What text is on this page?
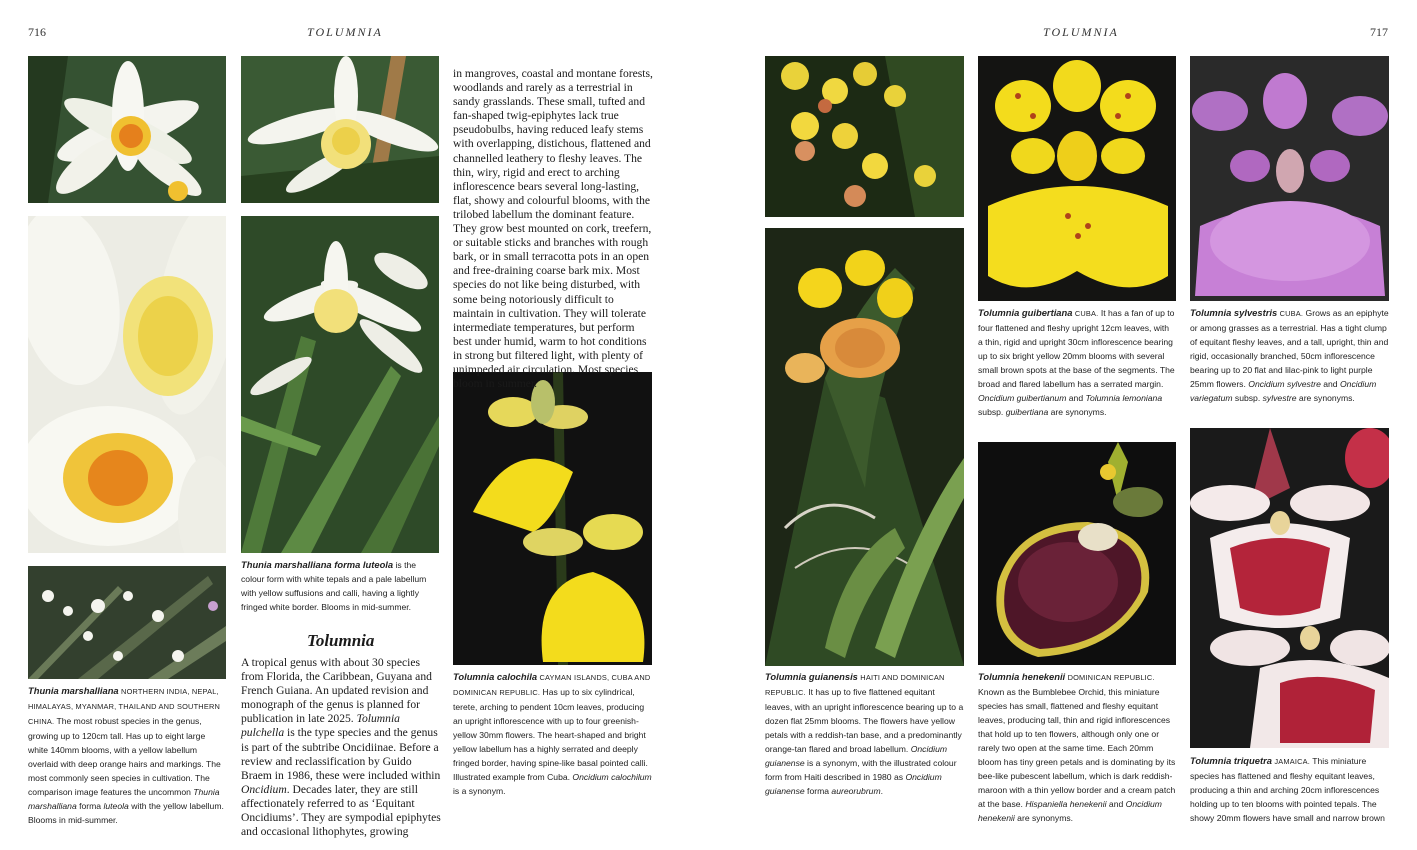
716	TOLUMNIA	TOLUMNIA	717
Thunia marshalliana NORTHERN INDIA, NEPAL, HIMALAYAS, MYANMAR, THAILAND AND SOUTHERN CHINA. The most robust species in the genus, growing up to 120cm tall. Has up to eight large white 140mm blooms, with a yellow labellum overlaid with deep orange hairs and markings. The most commonly seen species in cultivation. The comparison image features the uncommon Thunia marshalliana forma luteola with the yellow labellum. Blooms in mid-summer.
Thunia marshalliana forma luteola is the colour form with white tepals and a pale labellum with yellow suffusions and calli, having a lightly fringed white border. Blooms in mid-summer.
Tolumnia
A tropical genus with about 30 species from Florida, the Caribbean, Guyana and French Guiana. An updated revision and monograph of the genus is planned for publication in late 2025. Tolumnia pulchella is the type species and the genus is part of the subtribe Oncidiinae. Before a review and reclassification by Guido Braem in 1986, these were included within Oncidium. Decades later, they are still affectionately referred to as ‘Equitant Oncidiums’. They are sympodial epiphytes and occasional lithophytes, growing
in mangroves, coastal and montane forests, woodlands and rarely as a terrestrial in sandy grasslands. These small, tufted and fan-shaped twig-epiphytes lack true pseudobulbs, having reduced leafy stems with overlapping, distichous, flattened and channelled leathery to fleshy leaves. The thin, wiry, rigid and erect to arching inflorescence bears several long-lasting, flat, showy and colourful blooms, with the trilobed labellum the dominant feature. They grow best mounted on cork, treefern, or suitable sticks and branches with rough bark, or in small terracotta pots in an open and free-draining coarse bark mix. Most species do not like being disturbed, with some being notoriously difficult to maintain in cultivation. They will tolerate intermediate temperatures, but perform best under humid, warm to hot conditions in strong but filtered light, with plenty of unimpeded air circulation. Most species bloom in summer.
Tolumnia calochila CAYMAN ISLANDS, CUBA AND DOMINICAN REPUBLIC. Has up to six cylindrical, terete, arching to pendent 10cm leaves, producing an upright inflorescence with up to four greenish-yellow 30mm flowers. The heart-shaped and bright yellow labellum has a highly serrated and deeply fringed border, having spine-like basal pointed calli. Illustrated example from Cuba. Oncidium calochilum is a synonym.
Tolumnia guianensis HAITI AND DOMINICAN REPUBLIC. It has up to five flattened equitant leaves, with an upright inflorescence bearing up to a dozen flat 25mm blooms. The flowers have yellow petals with a reddish-tan base, and a predominantly orange-tan flared and broad labellum. Oncidium guianense is a synonym, with the illustrated colour form from Haiti described in 1980 as Oncidium guianense forma aureorubrum.
Tolumnia guibertiana CUBA. It has a fan of up to four flattened and fleshy upright 12cm leaves, with a thin, rigid and upright 30cm inflorescence bearing up to six bright yellow 20mm blooms with several small brown spots at the base of the segments. The broad and flared labellum has a serrated margin. Oncidium guibertianum and Tolumnia lemoniana subsp. guibertiana are synonyms.
Tolumnia sylvestris CUBA. Grows as an epiphyte or among grasses as a terrestrial. Has a tight clump of equitant fleshy leaves, and a tall, upright, thin and rigid, occasionally branched, 50cm inflorescence bearing up to 20 flat and lilac-pink to light purple 25mm flowers. Oncidium sylvestre and Oncidium variegatum subsp. sylvestre are synonyms.
Tolumnia henekenii DOMINICAN REPUBLIC. Known as the Bumblebee Orchid, this miniature species has small, flattened and fleshy equitant leaves, producing tall, thin and rigid inflorescences that hold up to ten flowers, although only one or rarely two open at the same time. Each 20mm bloom has tiny green petals and is dominating by its bee-like pubescent labellum, which is dark reddish-maroon with a thin yellow border and a cream patch at the base. Hispaniella henekenii and Oncidium henekenii are synonyms.
Tolumnia triquetra JAMAICA. This miniature species has flattened and fleshy equitant leaves, producing a thin and arching 20cm inflorescences holding up to ten blooms with pointed tepals. The showy 20mm flowers have small and narrow brown
